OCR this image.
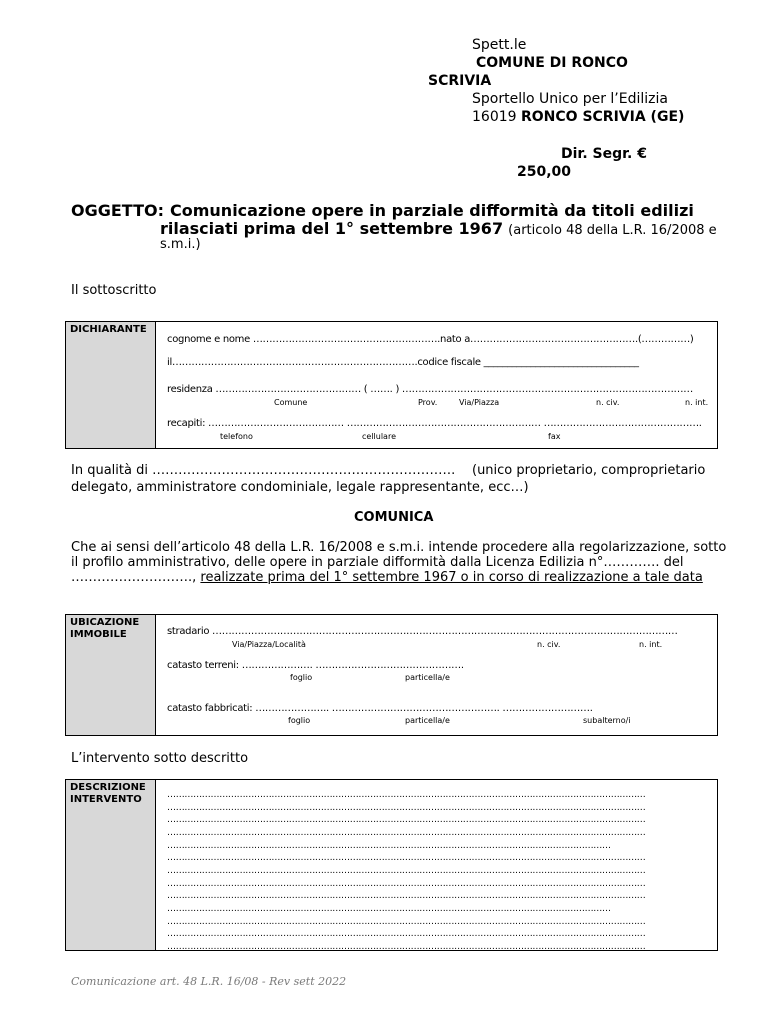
Spett.le
COMUNE DI RONCO
SCRIVIA
Sportello Unico per l’Edilizia
16019 RONCO SCRIVIA (GE)
Dir. Segr. €
250,00
OGGETTO: Comunicazione opere in parziale difformità da titoli edilizi
rilasciati prima del 1° settembre 1967 (articolo 48 della L.R. 16/2008 e
s.m.i.)
Il sottoscritto
DICHIARANTE
cognome e nome ………………………………………………….nato a…………………………………………….(……………)
il………………………………………………………………….codice fiscale _________________________________
residenza ……………………………………… ( ……. ) ………………………………………………………………………………
Comune	Prov.	Via/Piazza	n. civ.	n. int.
recapiti: …………………………………… …………………………………………………… ………………………………………….
telefono	cellulare	fax
In qualità di ……………………………………………………………. (unico proprietario, comproprietario
delegato, amministratore condominiale, legale rappresentante, ecc…)
COMUNICA
Che ai sensi dell’articolo 48 della L.R. 16/2008 e s.m.i. intende procedere alla regolarizzazione, sotto
il profilo amministrativo, delle opere in parziale difformità dalla Licenza Edilizia n°…………. del
………………………., realizzate prima del 1° settembre 1967 o in corso di realizzazione a tale data
UBICAZIONE IMMOBILE	stradario ………………………………………………………………………………………………………………………………
Via/Piazza/Località	n. civ.	n. int.
catasto terreni: …………………. ……………………………………….
foglio	particella/e
catasto fabbricati: ………………….. ……………………………………………. ……………………….
foglio	particella/e	subalterno/i
L’intervento sotto descritto
DESCRIZIONE INTERVENTO	…………………………………………………………………………………………………………………………………………………
…………………………………………………………………………………………………………………………………………………
…………………………………………………………………………………………………………………………………………………
…………………………………………………………………………………………………………………………………………………
………………………………………………………………………………………………………………………………………
…………………………………………………………………………………………………………………………………………………
…………………………………………………………………………………………………………………………………………………
…………………………………………………………………………………………………………………………………………………
…………………………………………………………………………………………………………………………………………………
………………………………………………………………………………………………………………………………………
…………………………………………………………………………………………………………………………………………………
…………………………………………………………………………………………………………………………………………………
…………………………………………………………………………………………………………………………………………………
Comunicazione art. 48 L.R. 16/08 - Rev sett 2022
